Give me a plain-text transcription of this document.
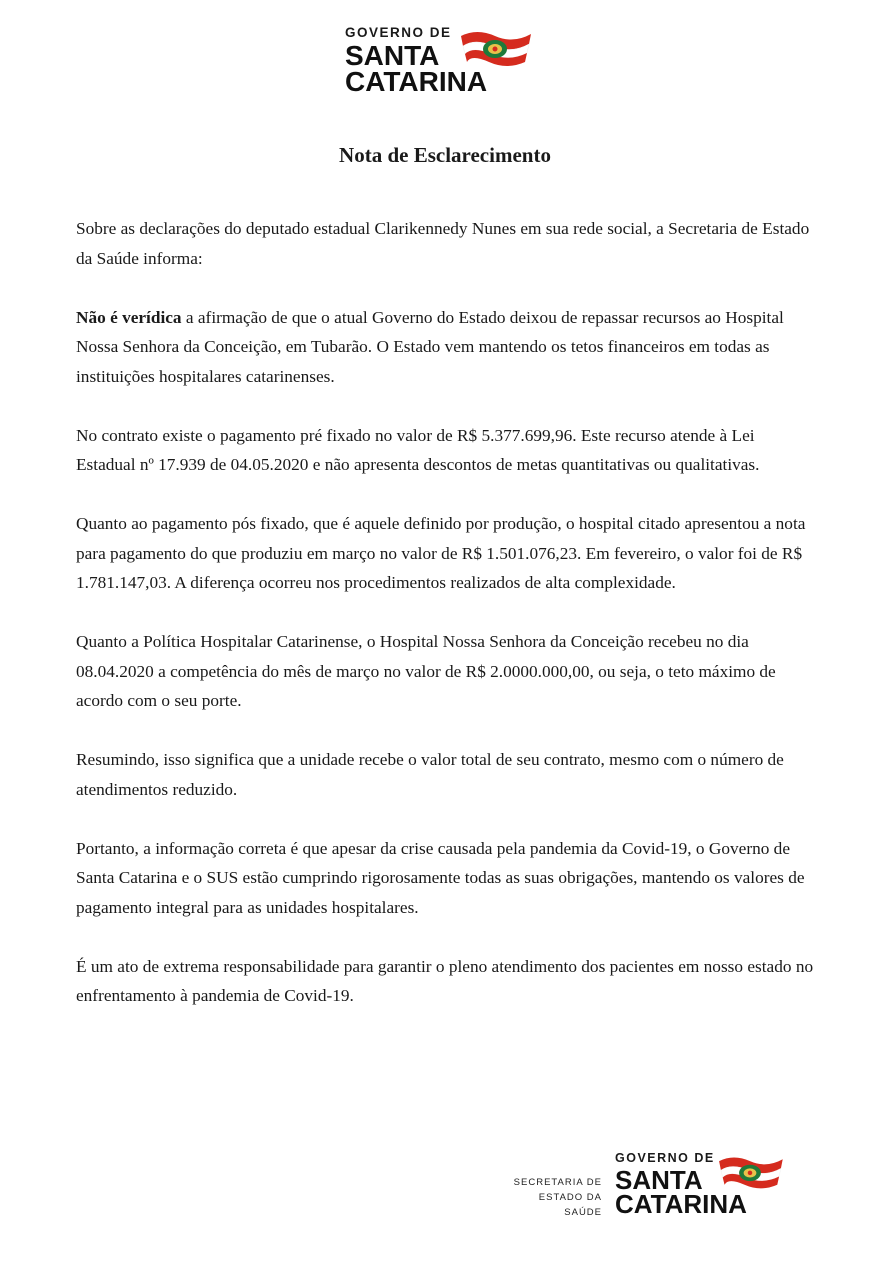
GOVERNO DE
SANTA
CATARINA
Nota de Esclarecimento

Sobre as declarações do deputado estadual Clarikennedy Nunes em sua rede social, a Secretaria de Estado da Saúde informa:

Não é verídica a afirmação de que o atual Governo do Estado deixou de repassar recursos ao Hospital Nossa Senhora da Conceição, em Tubarão. O Estado vem mantendo os tetos financeiros em todas as instituições hospitalares catarinenses.

No contrato existe o pagamento pré fixado no valor de R$ 5.377.699,96. Este recurso atende à Lei Estadual nº 17.939 de 04.05.2020 e não apresenta descontos de metas quantitativas ou qualitativas.

Quanto ao pagamento pós fixado, que é aquele definido por produção, o hospital citado apresentou a nota para pagamento do que produziu em março no valor de R$ 1.501.076,23. Em fevereiro, o valor foi de R$ 1.781.147,03. A diferença ocorreu nos procedimentos realizados de alta complexidade.

Quanto a Política Hospitalar Catarinense, o Hospital Nossa Senhora da Conceição recebeu no dia 08.04.2020 a competência do mês de março no valor de R$ 2.0000.000,00, ou seja, o teto máximo de acordo com o seu porte.

Resumindo, isso significa que a unidade recebe o valor total de seu contrato, mesmo com o número de atendimentos reduzido.

Portanto, a informação correta é que apesar da crise causada pela pandemia da Covid-19, o Governo de Santa Catarina e o SUS estão cumprindo rigorosamente todas as suas obrigações, mantendo os valores de pagamento integral para as unidades hospitalares.

É um ato de extrema responsabilidade para garantir o pleno atendimento dos pacientes em nosso estado no enfrentamento à pandemia de Covid-19.

SECRETARIA DE
ESTADO DA
SAÚDE
GOVERNO DE
SANTA
CATARINA
